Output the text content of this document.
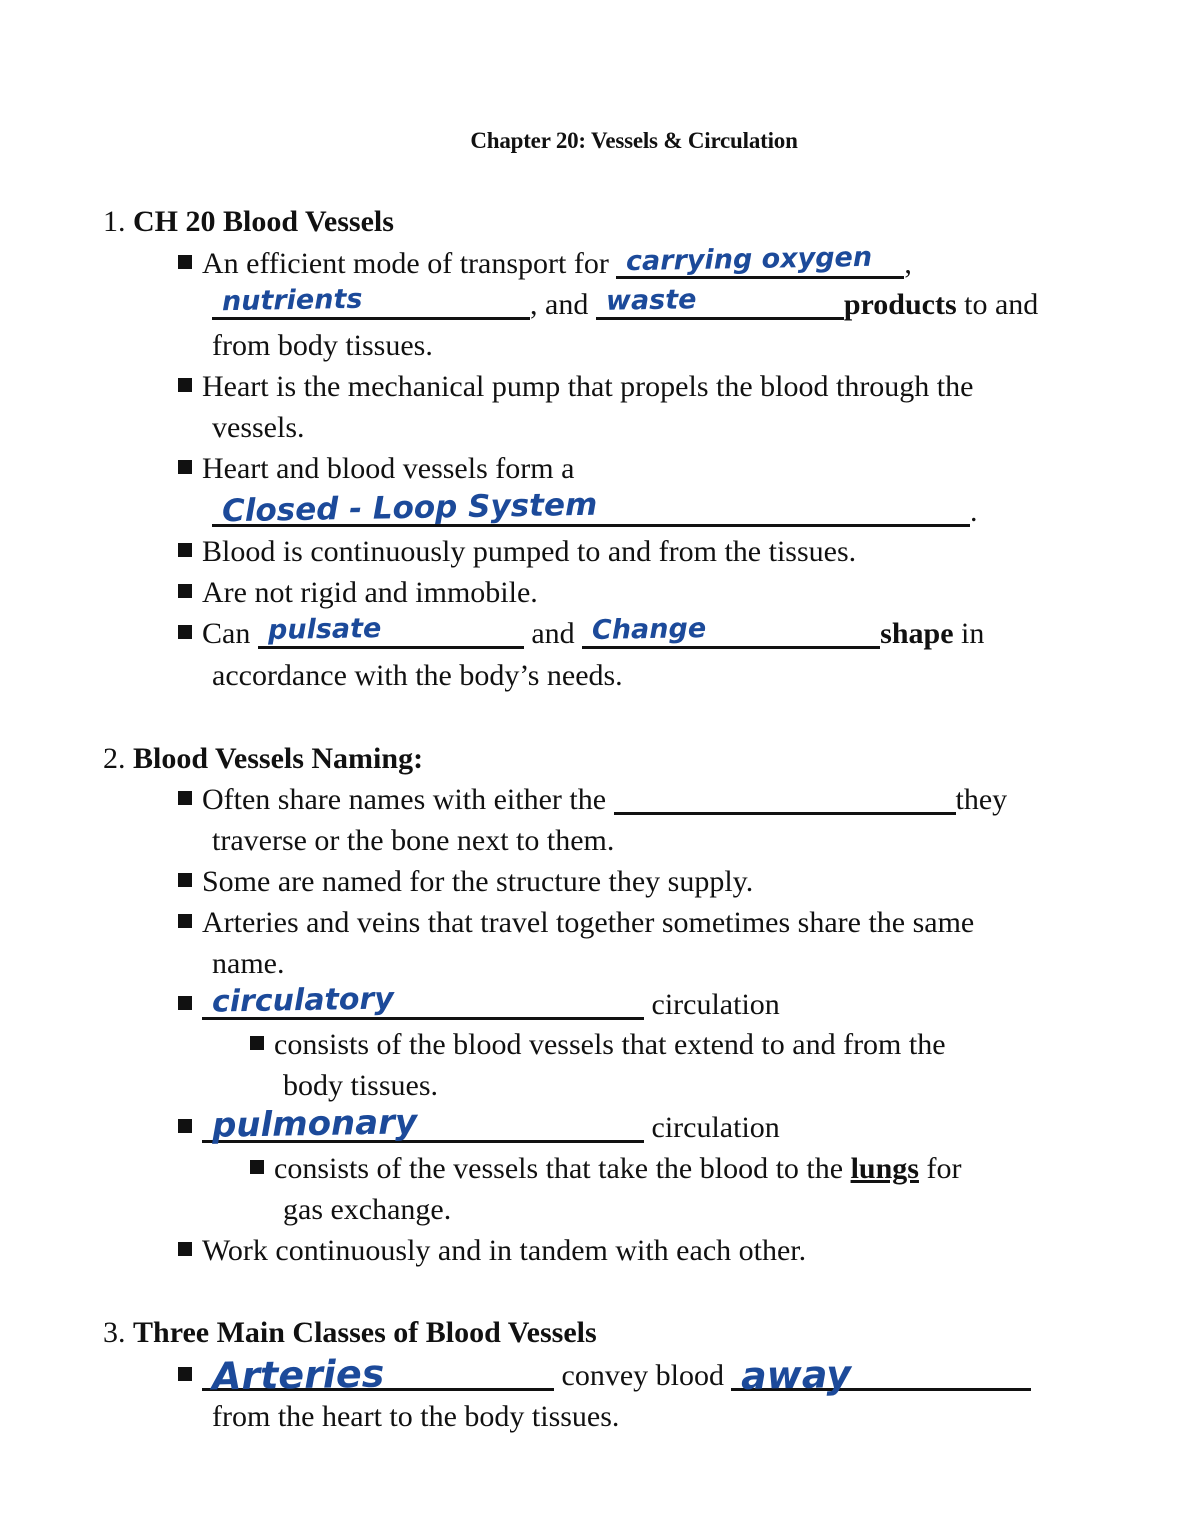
Chapter 20: Vessels & Circulation
1. CH 20 Blood Vessels
An efficient mode of transport for carrying oxygen ,
nutrients	, and waste	products to and
from body tissues.
Heart is the mechanical pump that propels the blood through the
vessels.
Heart and blood vessels form a
Closed - Loop System	.
Blood is continuously pumped to and from the tissues.
Are not rigid and immobile.
Can pulsate	and Change	shape in
accordance with the body’s needs.
2. Blood Vessels Naming:
Often share names with either the	they
traverse or the bone next to them.
Some are named for the structure they supply.
Arteries and veins that travel together sometimes share the same
name.
circulatory	circulation
consists of the blood vessels that extend to and from the
body tissues.
pulmonary	circulation
consists of the vessels that take the blood to the lungs for
gas exchange.
Work continuously and in tandem with each other.
3. Three Main Classes of Blood Vessels
Arteries	convey blood away
from the heart to the body tissues.
